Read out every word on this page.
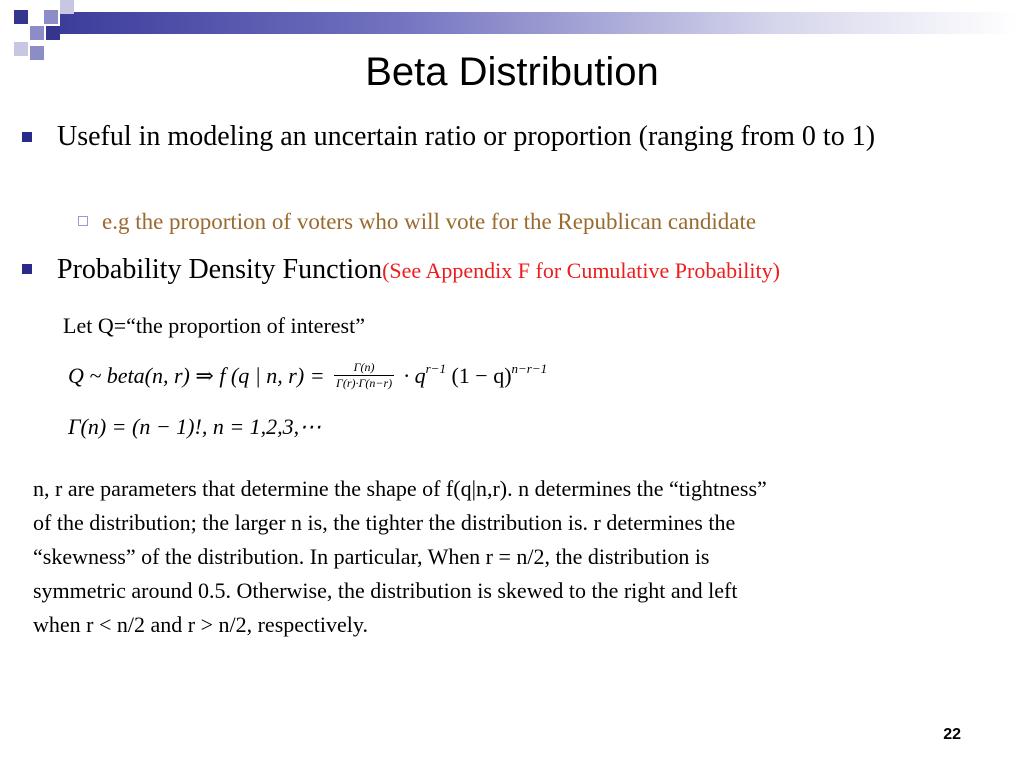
Beta Distribution
Useful in modeling an uncertain ratio or proportion (ranging from 0 to 1)
e.g the proportion of voters who will vote for the Republican candidate
Probability Density Function(See Appendix F for Cumulative Probability)
Let Q=“the proportion of interest”
Q ~ beta(n, r) ⇒ f (q | n, $r) = \frac{\Gamma(n)}{\Gamma(r)\cdot\Gamma(n-r)} \cdot q^{r-1}$ $(1 - q)^{n-r-1}$
Γ(n) = (n − 1)!, n = 1,2,3,⋯
n, r are parameters that determine the shape of f(q|n,r). n determines the “tightness”
of the distribution; the larger n is, the tighter the distribution is. r determines the
“skewness” of the distribution. In particular, When r = n/2, the distribution is
symmetric around 0.5. Otherwise, the distribution is skewed to the right and left
when r < n/2 and r > n/2, respectively.
22
